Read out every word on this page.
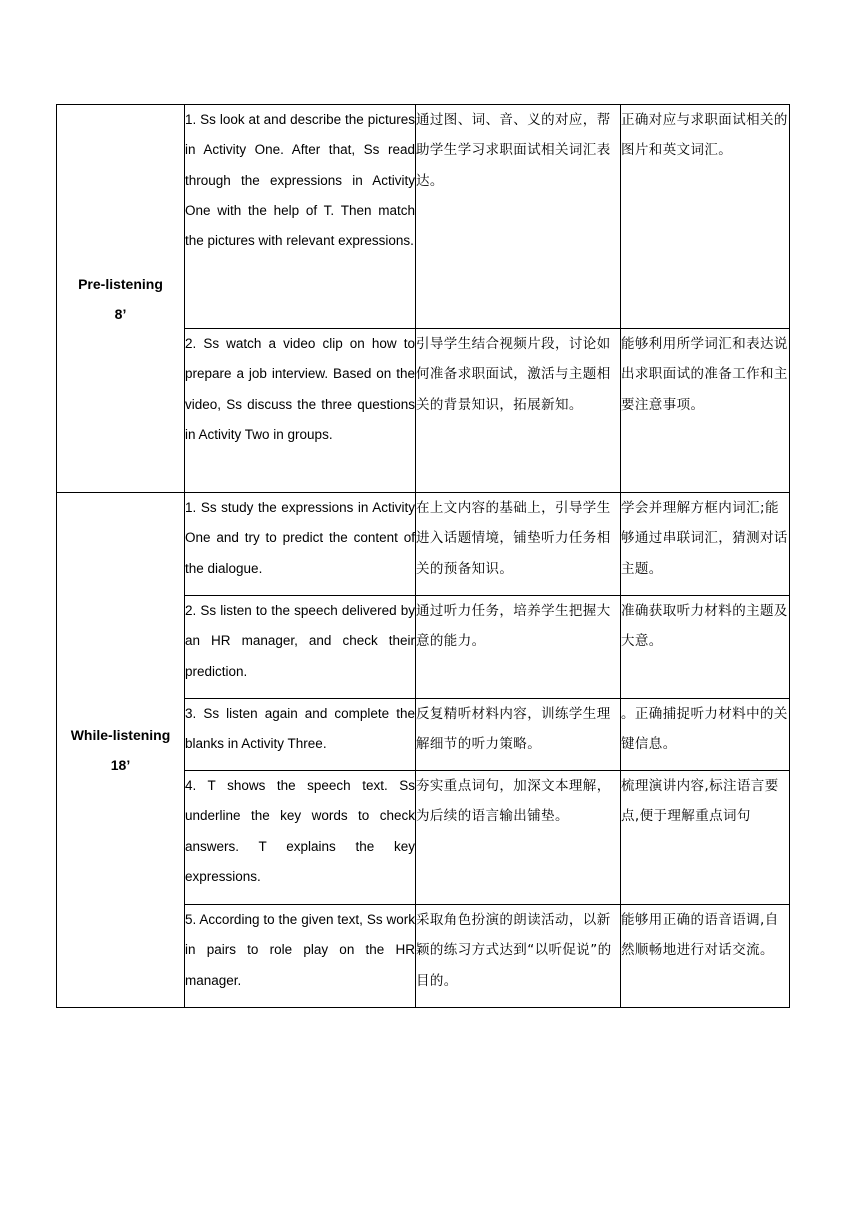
Pre-listening
8’	1. Ss look at and describe the pictures in Activity One. After that, Ss read through the expressions in Activity One with the help of T. Then match the pictures with relevant expressions.	通过图、词、音、义的对应，帮助学生学习求职面试相关词汇表达。	正确对应与求职面试相关的图片和英文词汇。
	2. Ss watch a video clip on how to prepare a job interview. Based on the video, Ss discuss the three questions in Activity Two in groups.	引导学生结合视频片段，讨论如何准备求职面试，激活与主题相关的背景知识，拓展新知。	能够利用所学词汇和表达说出求职面试的准备工作和主要注意事项。

While-listening
18’	1. Ss study the expressions in Activity One and try to predict the content of the dialogue.	在上文内容的基础上，引导学生进入话题情境，铺垫听力任务相关的预备知识。	学会并理解方框内词汇;能够通过串联词汇，猜测对话主题。
	2. Ss listen to the speech delivered by an HR manager, and check their prediction.	通过听力任务，培养学生把握大意的能力。	准确获取听力材料的主题及大意。
	3. Ss listen again and complete the blanks in Activity Three.	反复精听材料内容，训练学生理解细节的听力策略。	。正确捕捉听力材料中的关键信息。
	4. T shows the speech text. Ss underline the key words to check answers. T explains the key expressions.	夯实重点词句，加深文本理解，为后续的语言输出铺垫。	梳理演讲内容,标注语言要点,便于理解重点词句
	5. According to the given text, Ss work in pairs to role play on the HR manager.	采取角色扮演的朗读活动，以新颖的练习方式达到“以听促说”的目的。	能够用正确的语音语调,自然顺畅地进行对话交流。
